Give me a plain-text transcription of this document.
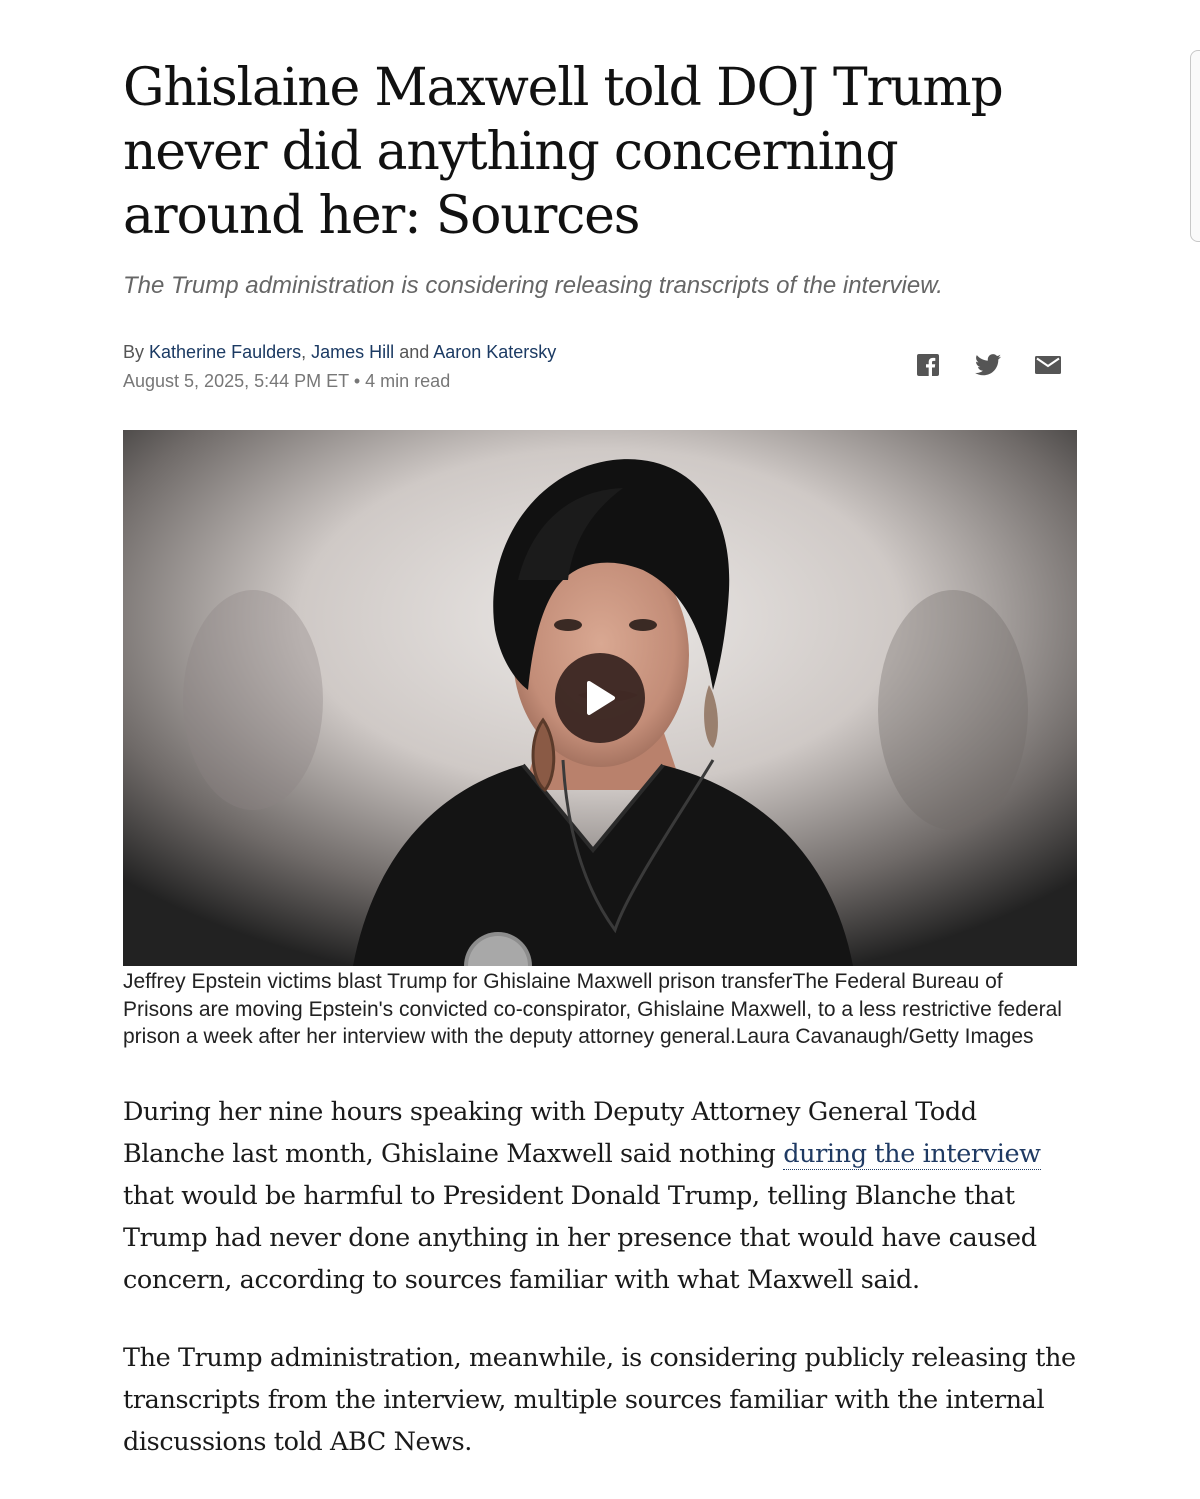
Ghislaine Maxwell told DOJ Trump never did anything concerning around her: Sources

The Trump administration is considering releasing transcripts of the interview.

By Katherine Faulders, James Hill and Aaron Katersky
August 5, 2025, 5:44 PM ET • 4 min read
Jeffrey Epstein victims blast Trump for Ghislaine Maxwell prison transferThe Federal Bureau of Prisons are moving Epstein's convicted co-conspirator, Ghislaine Maxwell, to a less restrictive federal prison a week after her interview with the deputy attorney general.Laura Cavanaugh/Getty Images

During her nine hours speaking with Deputy Attorney General Todd Blanche last month, Ghislaine Maxwell said nothing during the interview that would be harmful to President Donald Trump, telling Blanche that Trump had never done anything in her presence that would have caused concern, according to sources familiar with what Maxwell said.

The Trump administration, meanwhile, is considering publicly releasing the transcripts from the interview, multiple sources familiar with the internal discussions told ABC News.
